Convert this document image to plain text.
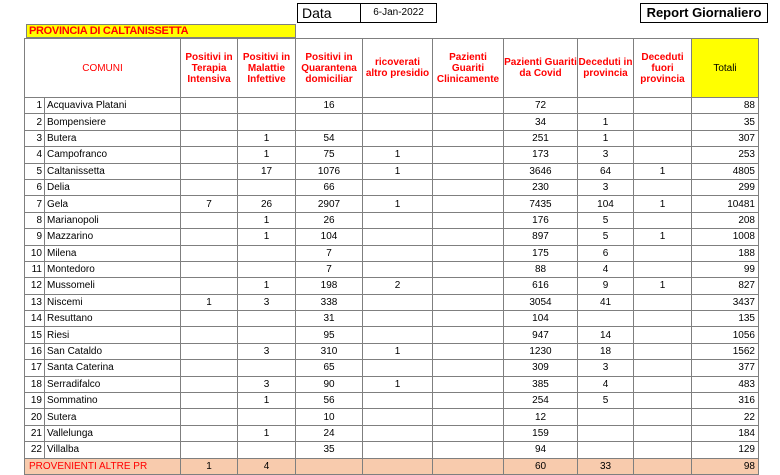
Data	6-Jan-2022	Report Giornaliero
PROVINCIA DI CALTANISSETTA
COMUNI		Positivi in Terapia Intensiva	Positivi in Malattie Infettive	Positivi in Quarantena domiciliar	ricoverati altro presidio	Pazienti Guariti Clinicamente	Pazienti Guariti da Covid	Deceduti in provincia	Deceduti fuori provincia	Totali
1	Acquaviva Platani			16			72			88
2	Bompensiere						34	1		35
3	Butera		1	54			251	1		307
4	Campofranco		1	75	1		173	3		253
5	Caltanissetta		17	1076	1		3646	64	1	4805
6	Delia			66			230	3		299
7	Gela	7	26	2907	1		7435	104	1	10481
8	Marianopoli		1	26			176	5		208
9	Mazzarino		1	104			897	5	1	1008
10	Milena			7			175	6		188
11	Montedoro			7			88	4		99
12	Mussomeli		1	198	2		616	9	1	827
13	Niscemi	1	3	338			3054	41		3437
14	Resuttano			31			104			135
15	Riesi			95			947	14		1056
16	San Cataldo		3	310	1		1230	18		1562
17	Santa Caterina			65			309	3		377
18	Serradifalco		3	90	1		385	4		483
19	Sommatino		1	56			254	5		316
20	Sutera			10			12			22
21	Vallelunga		1	24			159			184
22	Villalba			35			94			129
PROVENIENTI ALTRE PR		1	4				60	33		98
